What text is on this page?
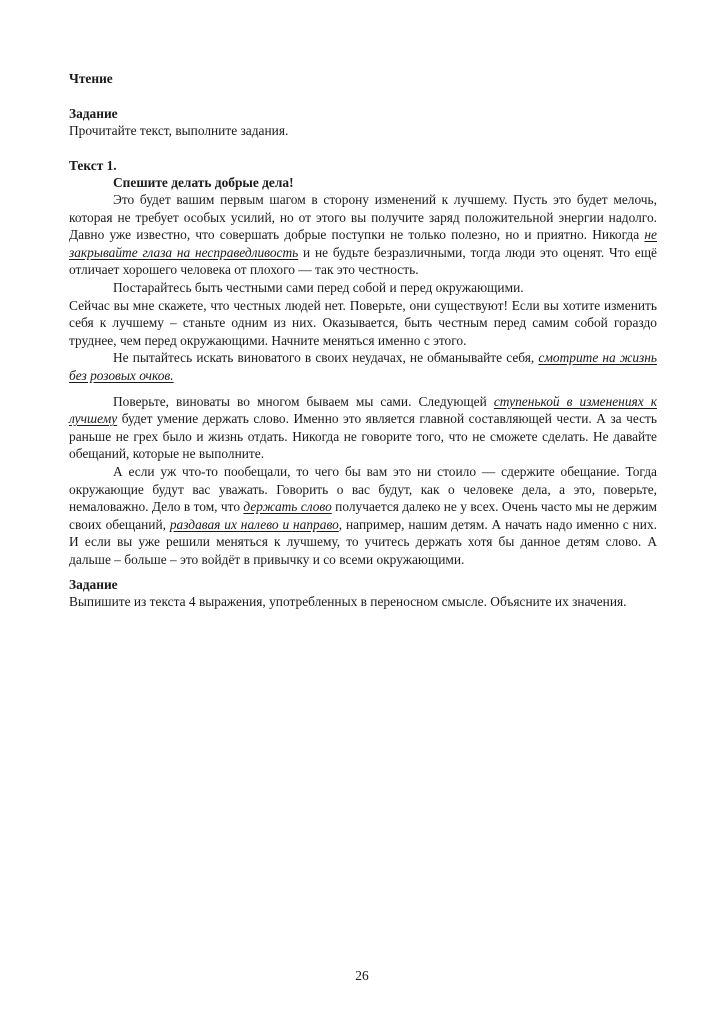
Чтение
Задание
Прочитайте текст, выполните задания.
Текст 1.
Спешите делать добрые дела!

Это будет вашим первым шагом в сторону изменений к лучшему. Пусть это будет мелочь, которая не требует особых усилий, но от этого вы получите заряд положительной энергии надолго. Давно уже известно, что совершать добрые поступки не только полезно, но и приятно. Никогда не закрывайте глаза на несправедливость и не будьте безразличными, тогда люди это оценят. Что ещё отличает хорошего человека от плохого — так это честность.

Постарайтесь быть честными сами перед собой и перед окружающими.

Сейчас вы мне скажете, что честных людей нет. Поверьте, они существуют! Если вы хотите изменить себя к лучшему – станьте одним из них. Оказывается, быть честным перед самим собой гораздо труднее, чем перед окружающими. Начните меняться именно с этого.

Не пытайтесь искать виноватого в своих неудачах, не обманывайте себя, смотрите на жизнь без розовых очков.

Поверьте, виноваты во многом бываем мы сами. Следующей ступенькой в изменениях к лучшему будет умение держать слово. Именно это является главной составляющей чести. А за честь раньше не грех было и жизнь отдать. Никогда не говорите того, что не сможете сделать. Не давайте обещаний, которые не выполните.

А если уж что-то пообещали, то чего бы вам это ни стоило — сдержите обещание. Тогда окружающие будут вас уважать. Говорить о вас будут, как о человеке дела, а это, поверьте, немаловажно. Дело в том, что держать слово получается далеко не у всех. Очень часто мы не держим своих обещаний, раздавая их налево и направо, например, нашим детям. А начать надо именно с них. И если вы уже решили меняться к лучшему, то учитесь держать хотя бы данное детям слово. А дальше – больше – это войдёт в привычку и со всеми окружающими.

Задание
Выпишите из текста 4 выражения, употребленных в переносном смысле. Объясните их значения.
26
